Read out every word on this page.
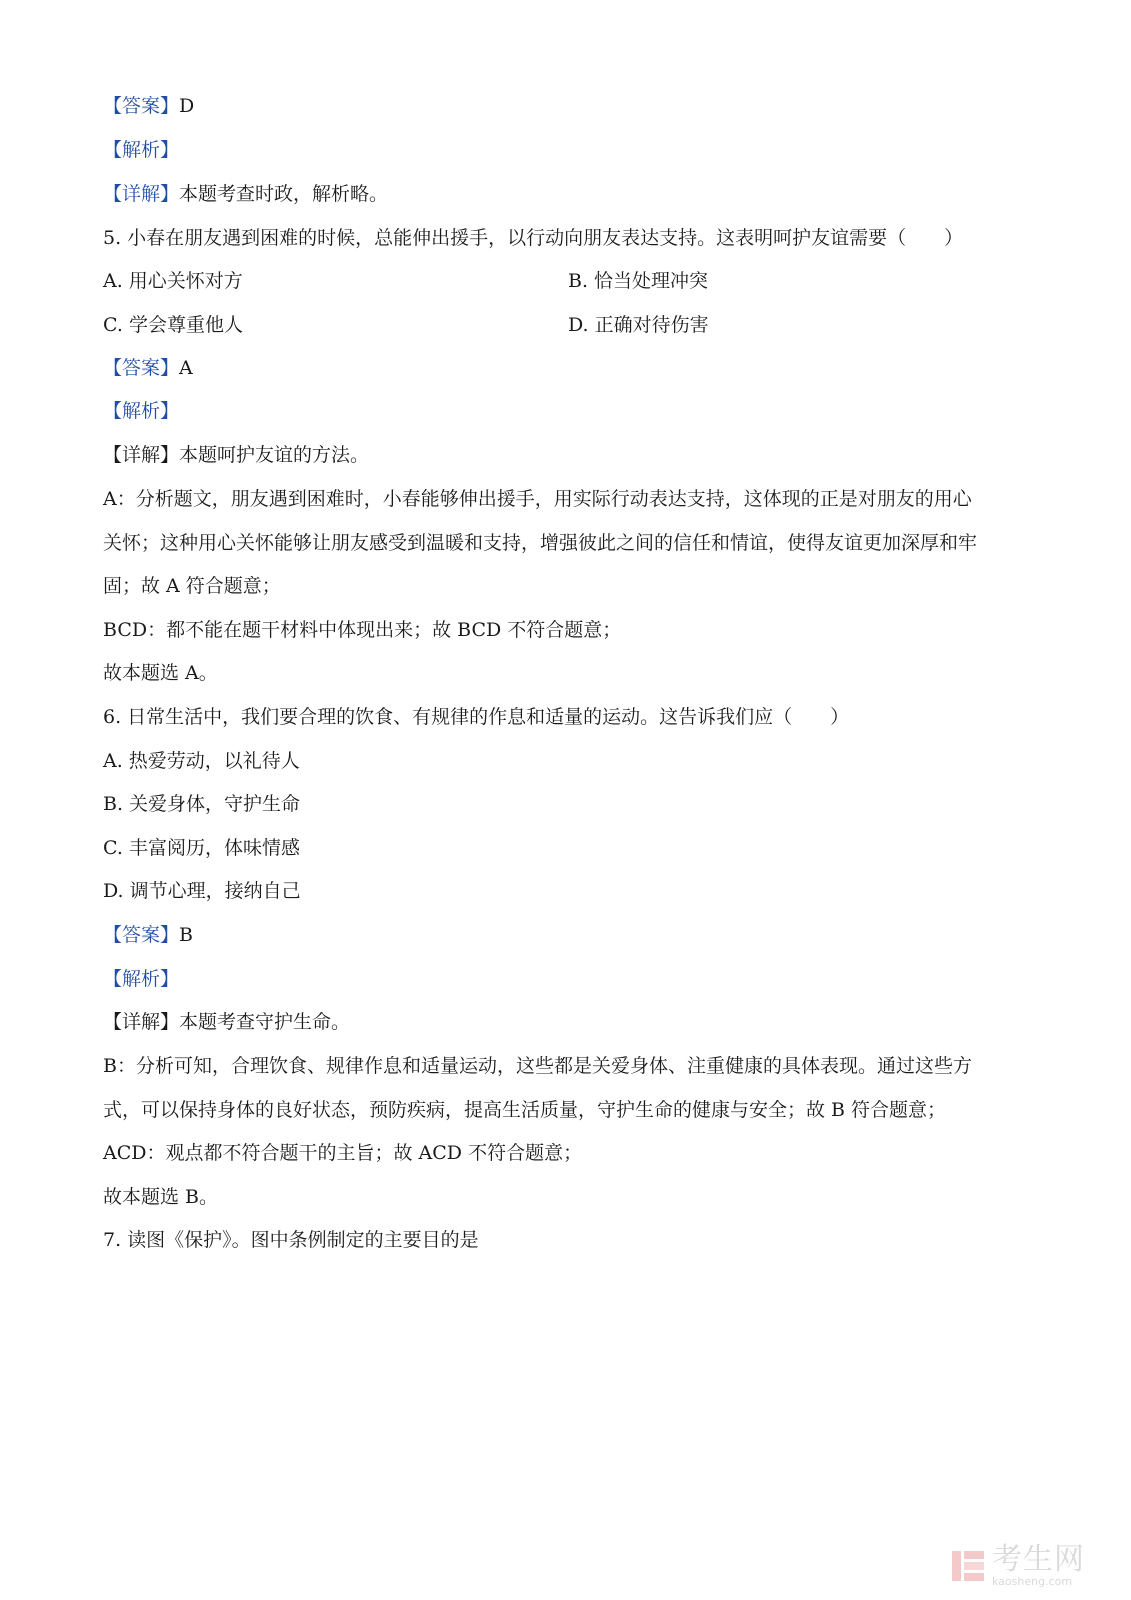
【答案】D
【解析】
【详解】本题考查时政，解析略。
5. 小春在朋友遇到困难的时候，总能伸出援手，以行动向朋友表达支持。这表明呵护友谊需要（　　）
A. 用心关怀对方	B. 恰当处理冲突
C. 学会尊重他人	D. 正确对待伤害
【答案】A
【解析】
【详解】本题呵护友谊的方法。
A：分析题文，朋友遇到困难时，小春能够伸出援手，用实际行动表达支持，这体现的正是对朋友的用心
关怀；这种用心关怀能够让朋友感受到温暖和支持，增强彼此之间的信任和情谊，使得友谊更加深厚和牢
固；故 A 符合题意；
BCD：都不能在题干材料中体现出来；故 BCD 不符合题意；
故本题选 A。
6. 日常生活中，我们要合理的饮食、有规律的作息和适量的运动。这告诉我们应（　　）
A. 热爱劳动，以礼待人
B. 关爱身体，守护生命
C. 丰富阅历，体味情感
D. 调节心理，接纳自己
【答案】B
【解析】
【详解】本题考查守护生命。
B：分析可知，合理饮食、规律作息和适量运动，这些都是关爱身体、注重健康的具体表现。通过这些方
式，可以保持身体的良好状态，预防疾病，提高生活质量，守护生命的健康与安全；故 B 符合题意；
ACD：观点都不符合题干的主旨；故 ACD 不符合题意；
故本题选 B。
7. 读图《保护》。图中条例制定的主要目的是
考生网
kaosheng.com
